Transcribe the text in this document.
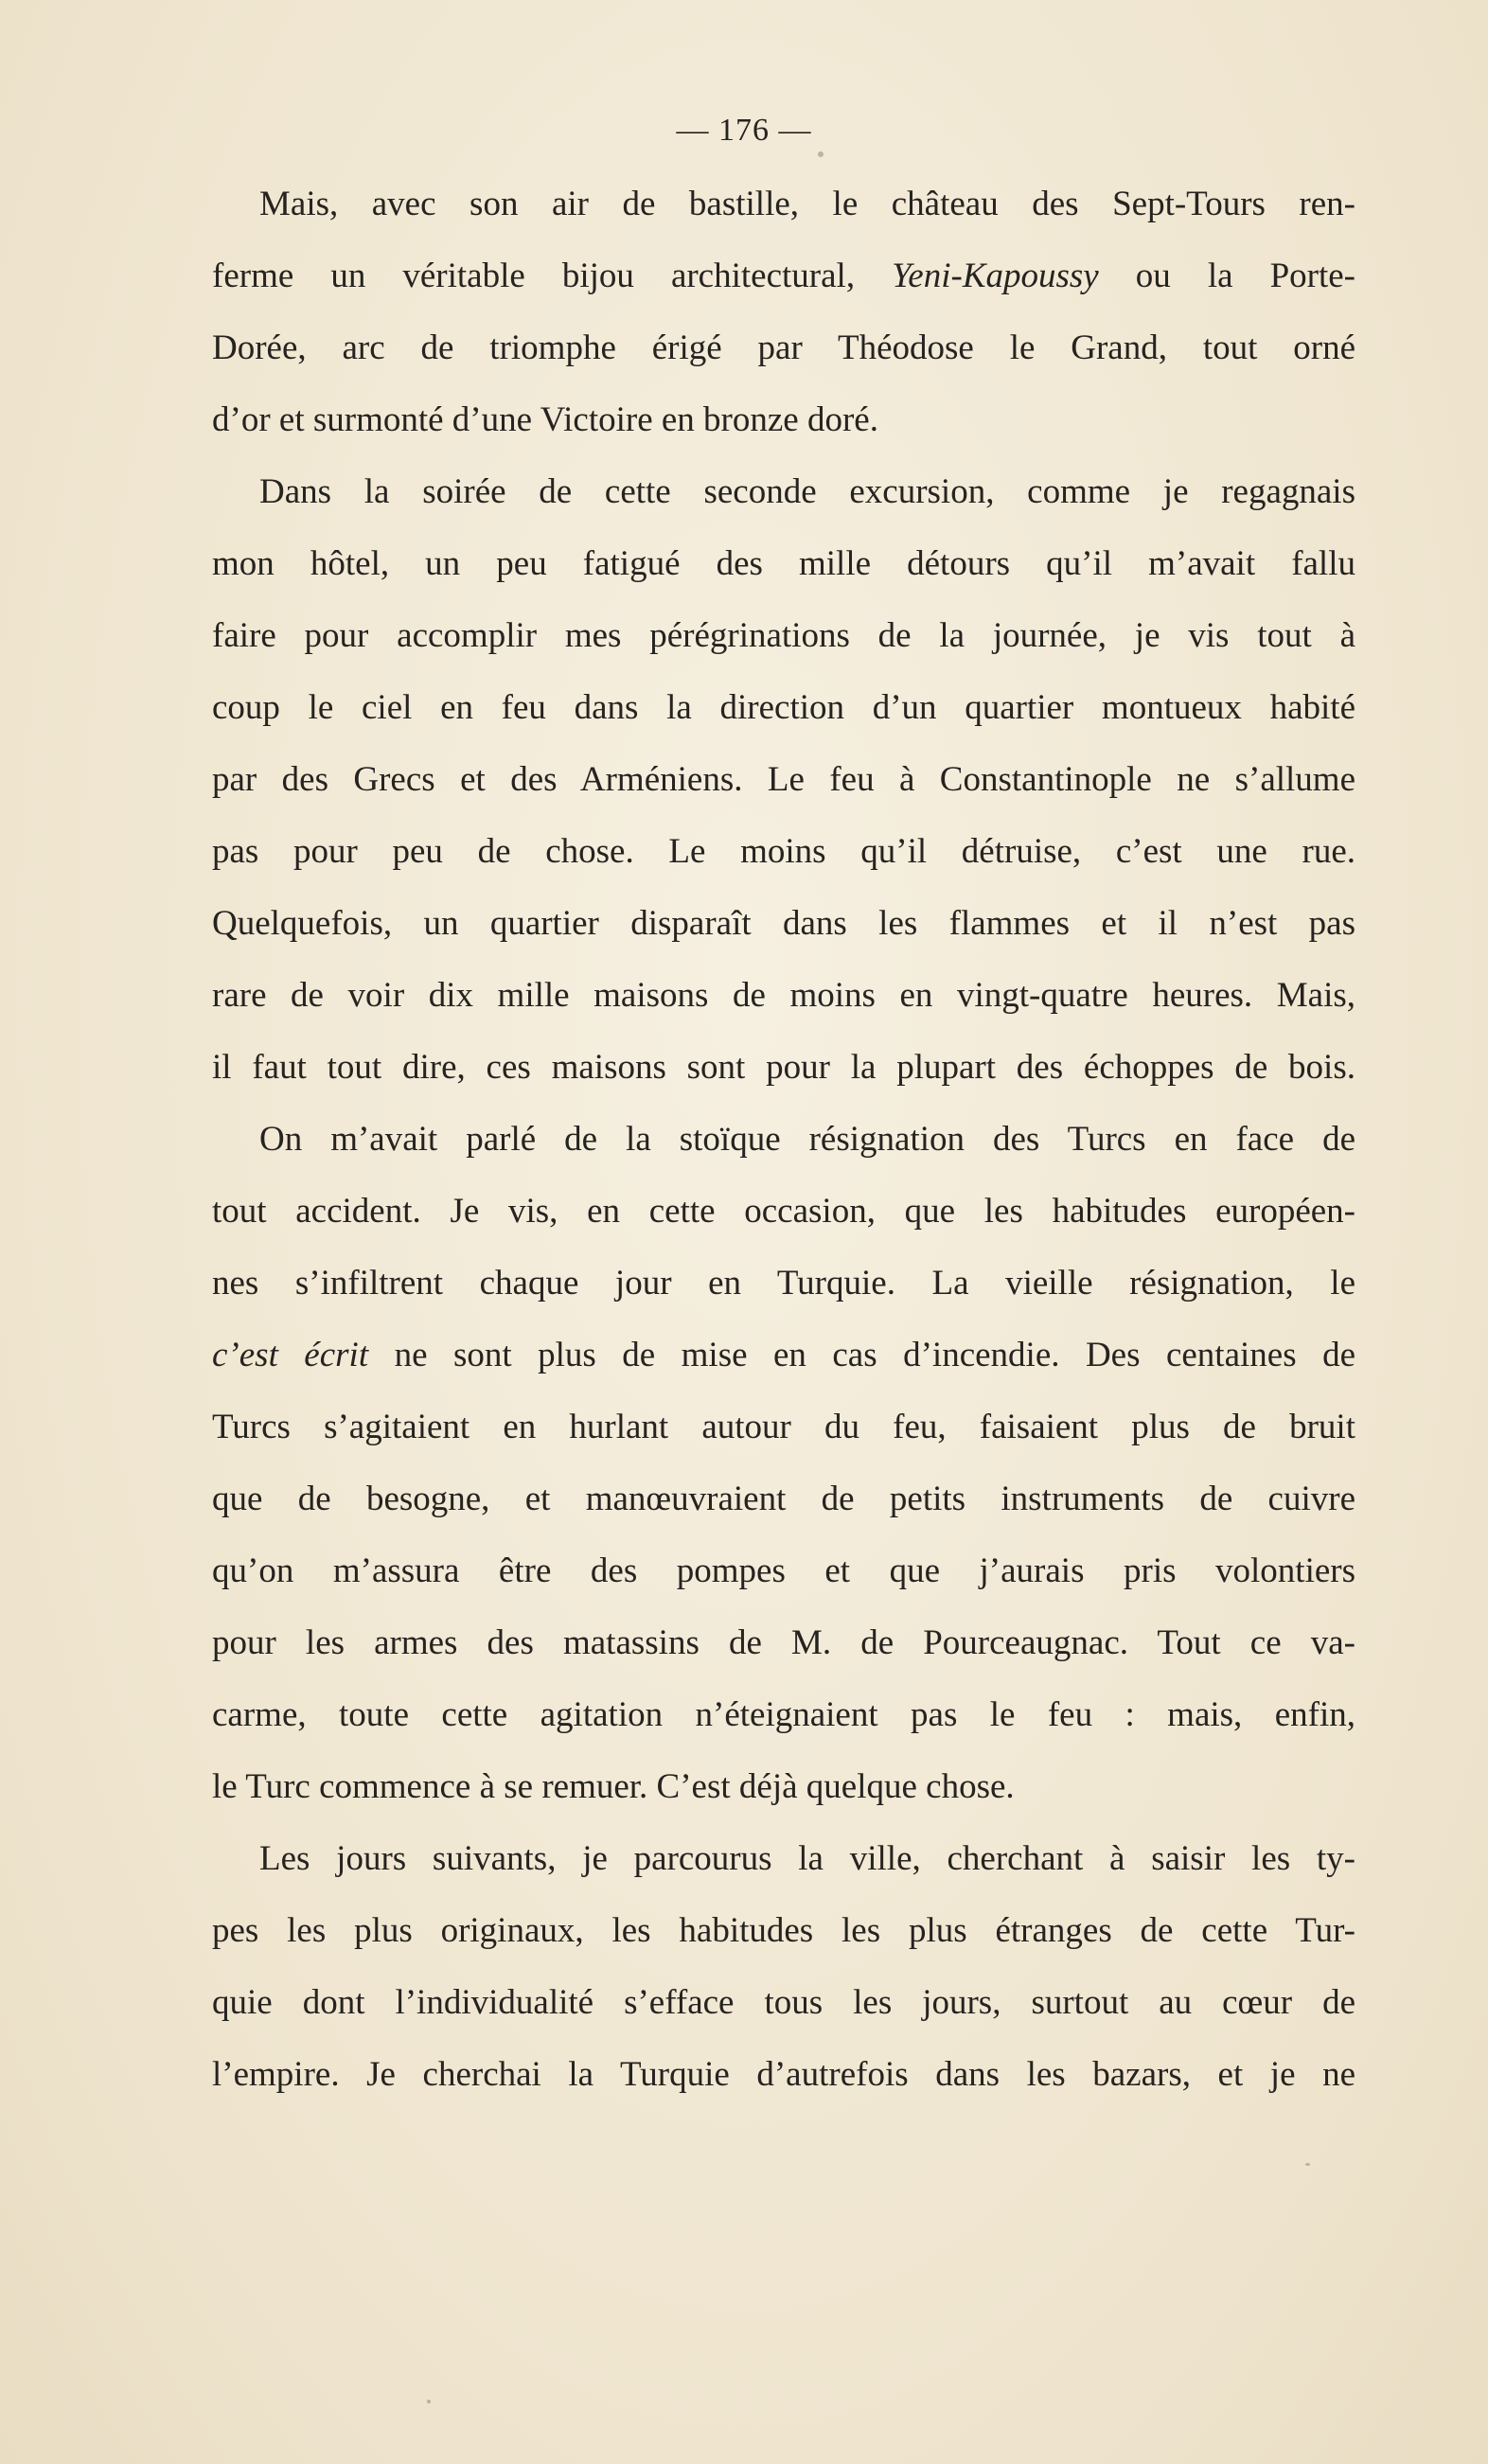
— 176 —
Mais, avec son air de bastille, le château des Sept-Tours ren-
ferme un véritable bijou architectural, Yeni-Kapoussy ou la Porte-
Dorée, arc de triomphe érigé par Théodose le Grand, tout orné
d’or et surmonté d’une Victoire en bronze doré.
Dans la soirée de cette seconde excursion, comme je regagnais
mon hôtel, un peu fatigué des mille détours qu’il m’avait fallu
faire pour accomplir mes pérégrinations de la journée, je vis tout à
coup le ciel en feu dans la direction d’un quartier montueux habité
par des Grecs et des Arméniens. Le feu à Constantinople ne s’allume
pas pour peu de chose. Le moins qu’il détruise, c’est une rue.
Quelquefois, un quartier disparaît dans les flammes et il n’est pas
rare de voir dix mille maisons de moins en vingt-quatre heures. Mais,
il faut tout dire, ces maisons sont pour la plupart des échoppes de bois.
On m’avait parlé de la stoïque résignation des Turcs en face de
tout accident. Je vis, en cette occasion, que les habitudes européen-
nes s’infiltrent chaque jour en Turquie. La vieille résignation, le
c’est écrit ne sont plus de mise en cas d’incendie. Des centaines de
Turcs s’agitaient en hurlant autour du feu, faisaient plus de bruit
que de besogne, et manœuvraient de petits instruments de cuivre
qu’on m’assura être des pompes et que j’aurais pris volontiers
pour les armes des matassins de M. de Pourceaugnac. Tout ce va-
carme, toute cette agitation n’éteignaient pas le feu : mais, enfin,
le Turc commence à se remuer. C’est déjà quelque chose.
Les jours suivants, je parcourus la ville, cherchant à saisir les ty-
pes les plus originaux, les habitudes les plus étranges de cette Tur-
quie dont l’individualité s’efface tous les jours, surtout au cœur de
l’empire. Je cherchai la Turquie d’autrefois dans les bazars, et je ne
